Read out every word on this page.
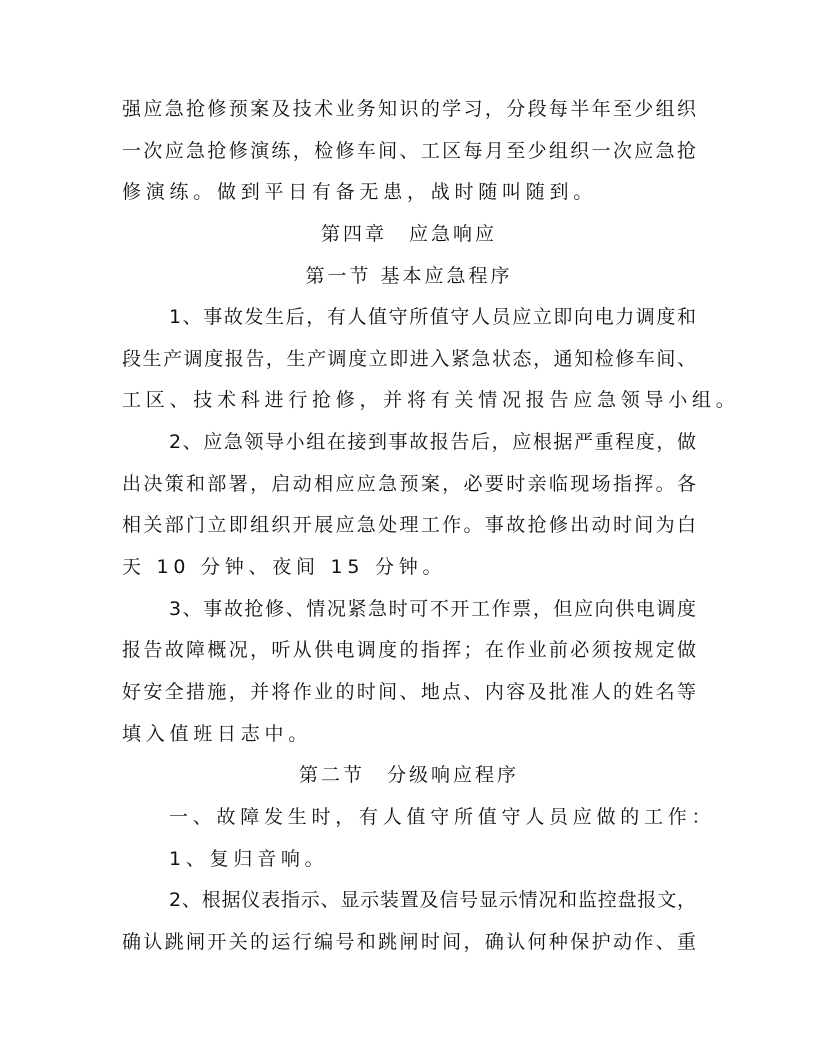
强应急抢修预案及技术业务知识的学习，分段每半年至少组织
一次应急抢修演练，检修车间、工区每月至少组织一次应急抢
修演练。做到平日有备无患，战时随叫随到。
第四章　应急响应
第一节 基本应急程序
1、事故发生后，有人值守所值守人员应立即向电力调度和
段生产调度报告，生产调度立即进入紧急状态，通知检修车间、
工区、技术科进行抢修，并将有关情况报告应急领导小组。
2、应急领导小组在接到事故报告后，应根据严重程度，做
出决策和部署，启动相应应急预案，必要时亲临现场指挥。各
相关部门立即组织开展应急处理工作。事故抢修出动时间为白
天 10 分钟、夜间 15 分钟。
3、事故抢修、情况紧急时可不开工作票，但应向供电调度
报告故障概况，听从供电调度的指挥；在作业前必须按规定做
好安全措施，并将作业的时间、地点、内容及批准人的姓名等
填入值班日志中。
第二节　分级响应程序
一、故障发生时，有人值守所值守人员应做的工作：
1、复归音响。
2、根据仪表指示、显示装置及信号显示情况和监控盘报文，
确认跳闸开关的运行编号和跳闸时间，确认何种保护动作、重
